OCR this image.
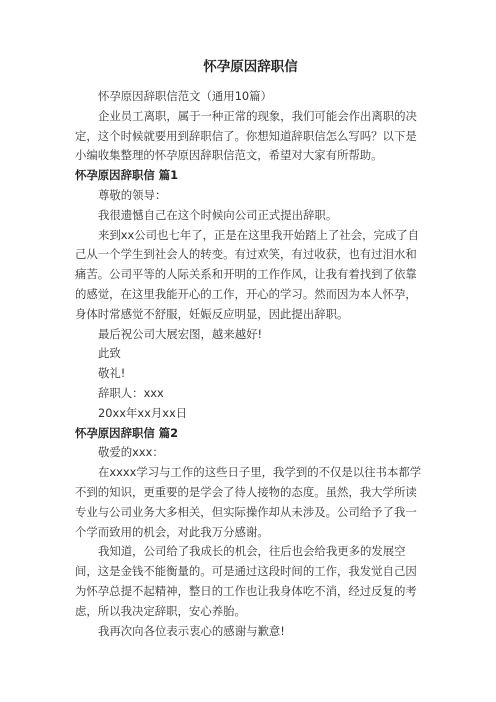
怀孕原因辞职信

怀孕原因辞职信范文（通用10篇）

企业员工离职，属于一种正常的现象，我们可能会作出离职的决定，这个时候就要用到辞职信了。你想知道辞职信怎么写吗？以下是小编收集整理的怀孕原因辞职信范文，希望对大家有所帮助。

怀孕原因辞职信 篇1

尊敬的领导：

我很遗憾自己在这个时候向公司正式提出辞职。

来到xx公司也七年了，正是在这里我开始踏上了社会，完成了自己从一个学生到社会人的转变。有过欢笑，有过收获，也有过泪水和痛苦。公司平等的人际关系和开明的工作作风，让我有着找到了依靠的感觉，在这里我能开心的工作，开心的学习。然而因为本人怀孕，身体时常感觉不舒服，妊娠反应明显，因此提出辞职。

最后祝公司大展宏图，越来越好!

此致

敬礼!

辞职人：xxx

20xx年xx月xx日

怀孕原因辞职信 篇2

敬爱的xxx：

在xxxx学习与工作的这些日子里，我学到的不仅是以往书本都学不到的知识，更重要的是学会了待人接物的态度。虽然，我大学所读专业与公司业务大多相关，但实际操作却从未涉及。公司给予了我一个学而致用的机会，对此我万分感谢。

我知道，公司给了我成长的机会，往后也会给我更多的发展空间，这是金钱不能衡量的。可是通过这段时间的工作，我发觉自己因为怀孕总提不起精神，整日的工作也让我身体吃不消，经过反复的考虑，所以我决定辞职，安心养胎。

我再次向各位表示衷心的感谢与歉意!
